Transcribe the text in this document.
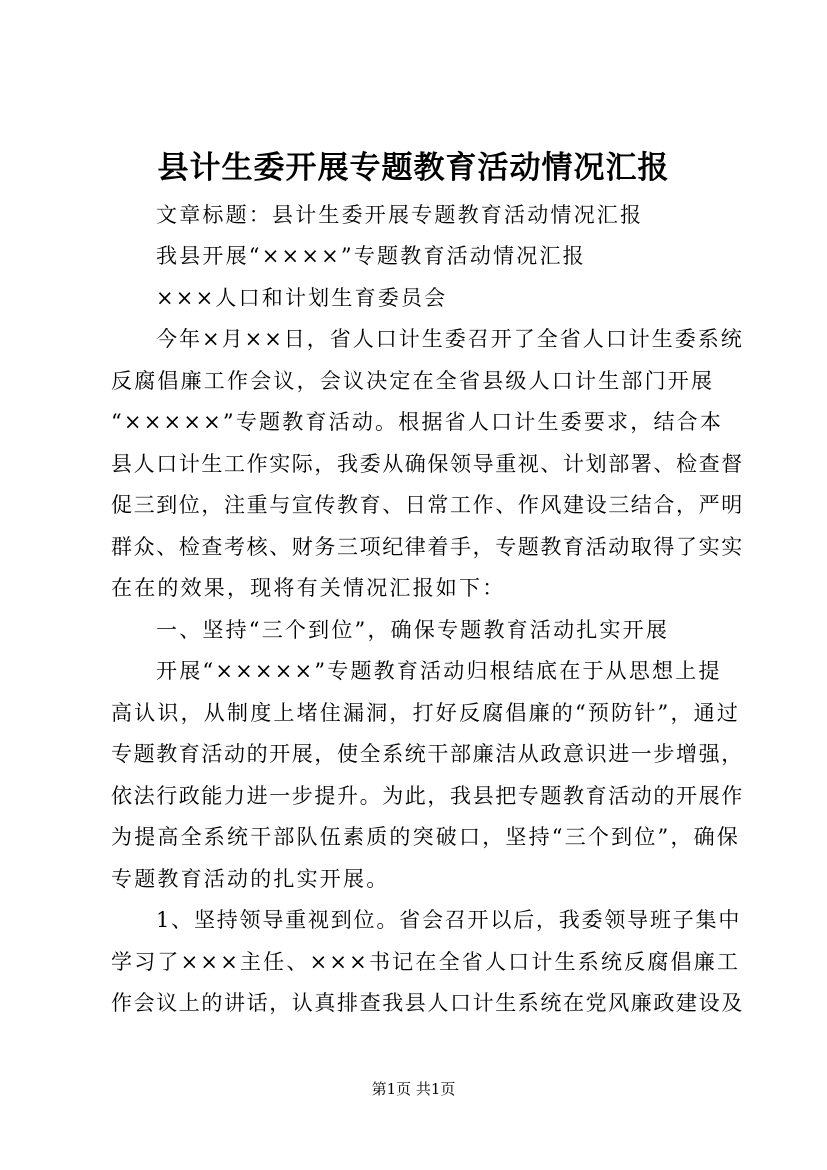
县计生委开展专题教育活动情况汇报
文章标题：县计生委开展专题教育活动情况汇报
我县开展“××××”专题教育活动情况汇报
×××人口和计划生育委员会
今年×月××日，省人口计生委召开了全省人口计生委系统
反腐倡廉工作会议，会议决定在全省县级人口计生部门开展
“×××××”专题教育活动。根据省人口计生委要求，结合本
县人口计生工作实际，我委从确保领导重视、计划部署、检查督
促三到位，注重与宣传教育、日常工作、作风建设三结合，严明
群众、检查考核、财务三项纪律着手，专题教育活动取得了实实
在在的效果，现将有关情况汇报如下：
一、坚持“三个到位”，确保专题教育活动扎实开展
开展“×××××”专题教育活动归根结底在于从思想上提
高认识，从制度上堵住漏洞，打好反腐倡廉的“预防针”，通过
专题教育活动的开展，使全系统干部廉洁从政意识进一步增强，
依法行政能力进一步提升。为此，我县把专题教育活动的开展作
为提高全系统干部队伍素质的突破口，坚持“三个到位”，确保
专题教育活动的扎实开展。
1、坚持领导重视到位。省会召开以后，我委领导班子集中
学习了×××主任、×××书记在全省人口计生系统反腐倡廉工
作会议上的讲话，认真排查我县人口计生系统在党风廉政建设及
第1页 共1页
